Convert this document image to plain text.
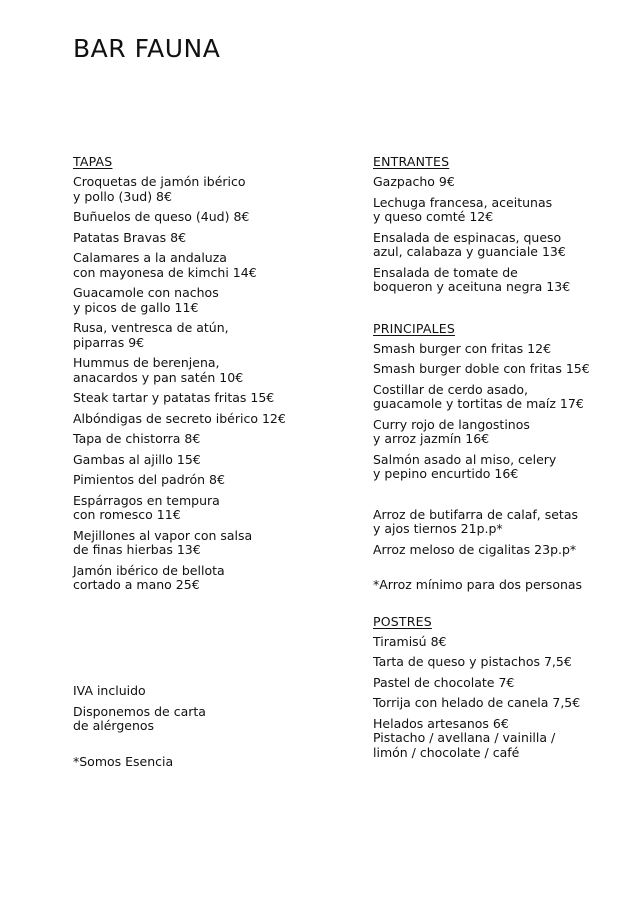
BAR FAUNA
TAPAS
Croquetas de jamón ibérico
y pollo (3ud) 8€
Buñuelos de queso (4ud) 8€
Patatas Bravas 8€
Calamares a la andaluza
con mayonesa de kimchi 14€
Guacamole con nachos
y picos de gallo 11€
Rusa, ventresca de atún,
piparras 9€
Hummus de berenjena,
anacardos y pan satén 10€
Steak tartar y patatas fritas 15€
Albóndigas de secreto ibérico 12€
Tapa de chistorra 8€
Gambas al ajillo 15€
Pimientos del padrón 8€
Espárragos en tempura
con romesco 11€
Mejillones al vapor con salsa
de finas hierbas 13€
Jamón ibérico de bellota
cortado a mano 25€
IVA incluido
Disponemos de carta
de alérgenos
*Somos Esencia
ENTRANTES
Gazpacho 9€
Lechuga francesa, aceitunas
y queso comté 12€
Ensalada de espinacas, queso
azul, calabaza y guanciale 13€
Ensalada de tomate de
boqueron y aceituna negra 13€
PRINCIPALES
Smash burger con fritas 12€
Smash burger doble con fritas 15€
Costillar de cerdo asado,
guacamole y tortitas de maíz 17€
Curry rojo de langostinos
y arroz jazmín 16€
Salmón asado al miso, celery
y pepino encurtido 16€
Arroz de butifarra de calaf, setas
y ajos tiernos 21p.p*
Arroz meloso de cigalitas 23p.p*
*Arroz mínimo para dos personas
POSTRES
Tiramisú 8€
Tarta de queso y pistachos 7,5€
Pastel de chocolate 7€
Torrija con helado de canela 7,5€
Helados artesanos 6€
Pistacho / avellana / vainilla /
limón / chocolate / café
